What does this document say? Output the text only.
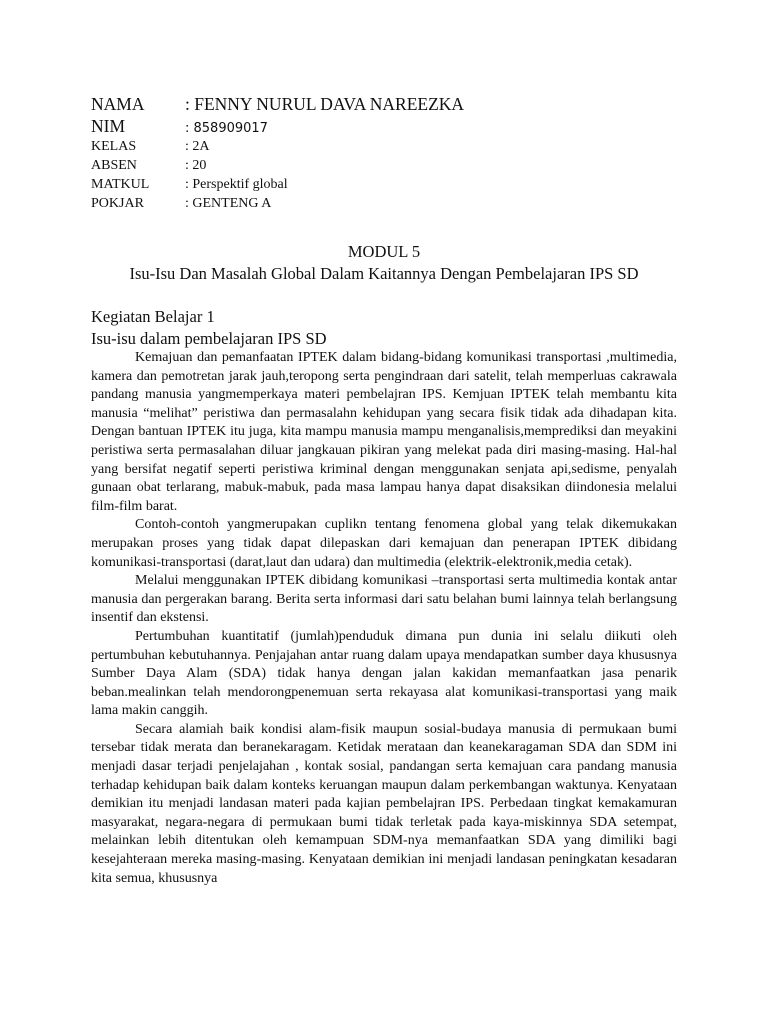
NAMA	: FENNY NURUL DAVA NAREEZKA
NIM	: 858909017
KELAS	: 2A
ABSEN	: 20
MATKUL	: Perspektif global
POKJAR	: GENTENG A
MODUL 5
Isu-Isu Dan Masalah Global Dalam Kaitannya Dengan Pembelajaran IPS SD
Kegiatan Belajar 1
Isu-isu dalam pembelajaran IPS SD

Kemajuan dan pemanfaatan IPTEK dalam bidang-bidang komunikasi transportasi ,multimedia, kamera dan pemotretan jarak jauh,teropong serta pengindraan dari satelit, telah memperluas cakrawala pandang manusia yangmemperkaya materi pembelajran IPS. Kemjuan IPTEK telah membantu kita manusia “melihat” peristiwa dan permasalahn kehidupan yang secara fisik tidak ada dihadapan kita. Dengan bantuan IPTEK itu juga, kita mampu manusia mampu menganalisis,memprediksi dan meyakini peristiwa serta permasalahan diluar jangkauan pikiran yang melekat pada diri masing-masing. Hal-hal yang bersifat negatif seperti peristiwa kriminal dengan menggunakan senjata api,sedisme, penyalah gunaan obat terlarang, mabuk-mabuk, pada masa lampau hanya dapat disaksikan diindonesia melalui film-film barat.

Contoh-contoh yangmerupakan cuplikn tentang fenomena global yang telak dikemukakan merupakan proses yang tidak dapat dilepaskan dari kemajuan dan penerapan IPTEK dibidang komunikasi-transportasi (darat,laut dan udara) dan multimedia (elektrik-elektronik,media cetak).

Melalui menggunakan IPTEK dibidang komunikasi –transportasi serta multimedia kontak antar manusia dan pergerakan barang. Berita serta informasi dari satu belahan bumi lainnya telah berlangsung insentif dan ekstensi.

Pertumbuhan kuantitatif (jumlah)penduduk dimana pun dunia ini selalu diikuti oleh pertumbuhan kebutuhannya. Penjajahan antar ruang dalam upaya mendapatkan sumber daya khususnya Sumber Daya Alam (SDA) tidak hanya dengan jalan kakidan memanfaatkan jasa penarik beban.mealinkan telah mendorongpenemuan serta rekayasa alat komunikasi-transportasi yang maik lama makin canggih.

Secara alamiah baik kondisi alam-fisik maupun sosial-budaya manusia di permukaan bumi tersebar tidak merata dan beranekaragam. Ketidak merataan dan keanekaragaman SDA dan SDM ini menjadi dasar terjadi penjelajahan , kontak sosial, pandangan serta kemajuan cara pandang manusia terhadap kehidupan baik dalam konteks keruangan maupun dalam perkembangan waktunya. Kenyataan demikian itu menjadi landasan materi pada kajian pembelajran IPS. Perbedaan tingkat kemakamuran masyarakat, negara-negara di permukaan bumi tidak terletak pada kaya-miskinnya SDA setempat, melainkan lebih ditentukan oleh kemampuan SDM-nya memanfaatkan SDA yang dimiliki bagi kesejahteraan mereka masing-masing. Kenyataan demikian ini menjadi landasan peningkatan kesadaran kita semua, khususnya
